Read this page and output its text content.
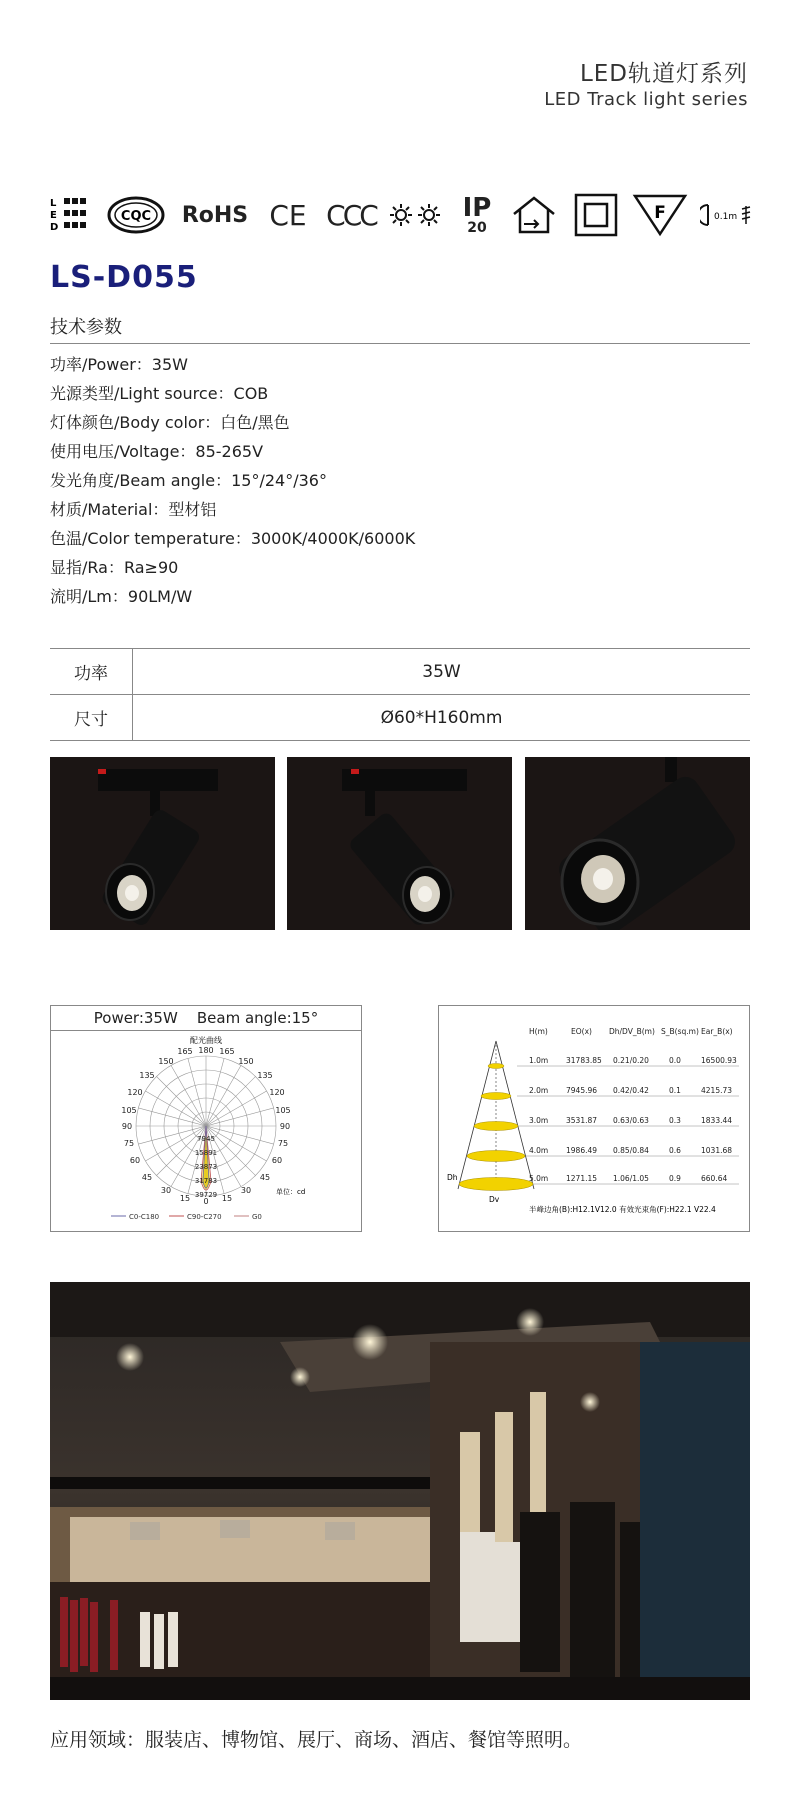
LED轨道灯系列
LED Track light series
L
E
D
CQC RoHS CE CCC	IP
20
F	0.1m
LS-D055
技术参数
功率/Power：35W
光源类型/Light source：COB
灯体颜色/Body color：白色/黑色
使用电压/Voltage：85-265V
发光角度/Beam angle：15°/24°/36°
材质/Material：型材铝
色温/Color temperature：3000K/4000K/6000K
显指/Ra：Ra≥90
流明/Lm：90LM/W
功率	35W
尺寸	Ø60*H160mm
Power:35W    Beam angle:15°
配光曲线
165 180 165
150
135
120
105
90
75
60
45
30
15 0 15
30
45
60
75
90
105
120
135
150
7945
15891
23873
31783
39729	单位：cd
C0-C180	C90-C270	G0
H(m)	EO(x) Dh/DV_B(m) S_B(sq.m) Ear_B(x)
Dh
Dv
1.0m 31783.85 0.21/0.20	0.0	16500.93
2.0m 7945.96 0.42/0.42	0.1	4215.73
3.0m 3531.87 0.63/0.63	0.3	1833.44
4.0m 1986.49 0.85/0.84	0.6	1031.68
5.0m 1271.15 1.06/1.05	0.9	660.64
半峰边角(B):H12.1V12.0 有效光束角(F):H22.1 V22.4
应用领域：服装店、博物馆、展厅、商场、酒店、餐馆等照明。
